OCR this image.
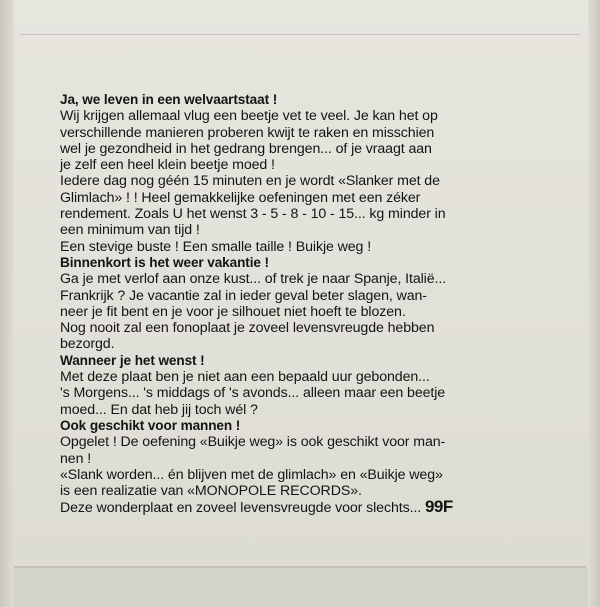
Ja, we leven in een welvaartstaat !
Wij krijgen allemaal vlug een beetje vet te veel. Je kan het op
verschillende manieren proberen kwijt te raken en misschien
wel je gezondheid in het gedrang brengen... of je vraagt aan
je zelf een heel klein beetje moed !
Iedere dag nog géén 15 minuten en je wordt «Slanker met de
Glimlach» ! ! Heel gemakkelijke oefeningen met een zéker
rendement. Zoals U het wenst 3 - 5 - 8 - 10 - 15... kg minder in
een minimum van tijd !
Een stevige buste ! Een smalle taille ! Buikje weg !
Binnenkort is het weer vakantie !
Ga je met verlof aan onze kust... of trek je naar Spanje, Italië...
Frankrijk ? Je vacantie zal in ieder geval beter slagen, wan-
neer je fit bent en je voor je silhouet niet hoeft te blozen.
Nog nooit zal een fonoplaat je zoveel levensvreugde hebben
bezorgd.
Wanneer je het wenst !
Met deze plaat ben je niet aan een bepaald uur gebonden...
's Morgens... 's middags of 's avonds... alleen maar een beetje
moed... En dat heb jij toch wél ?
Ook geschikt voor mannen !
Opgelet ! De oefening «Buikje weg» is ook geschikt voor man-
nen !
«Slank worden... én blijven met de glimlach» en «Buikje weg»
is een realizatie van «MONOPOLE RECORDS».
Deze wonderplaat en zoveel levensvreugde voor slechts... 99F
